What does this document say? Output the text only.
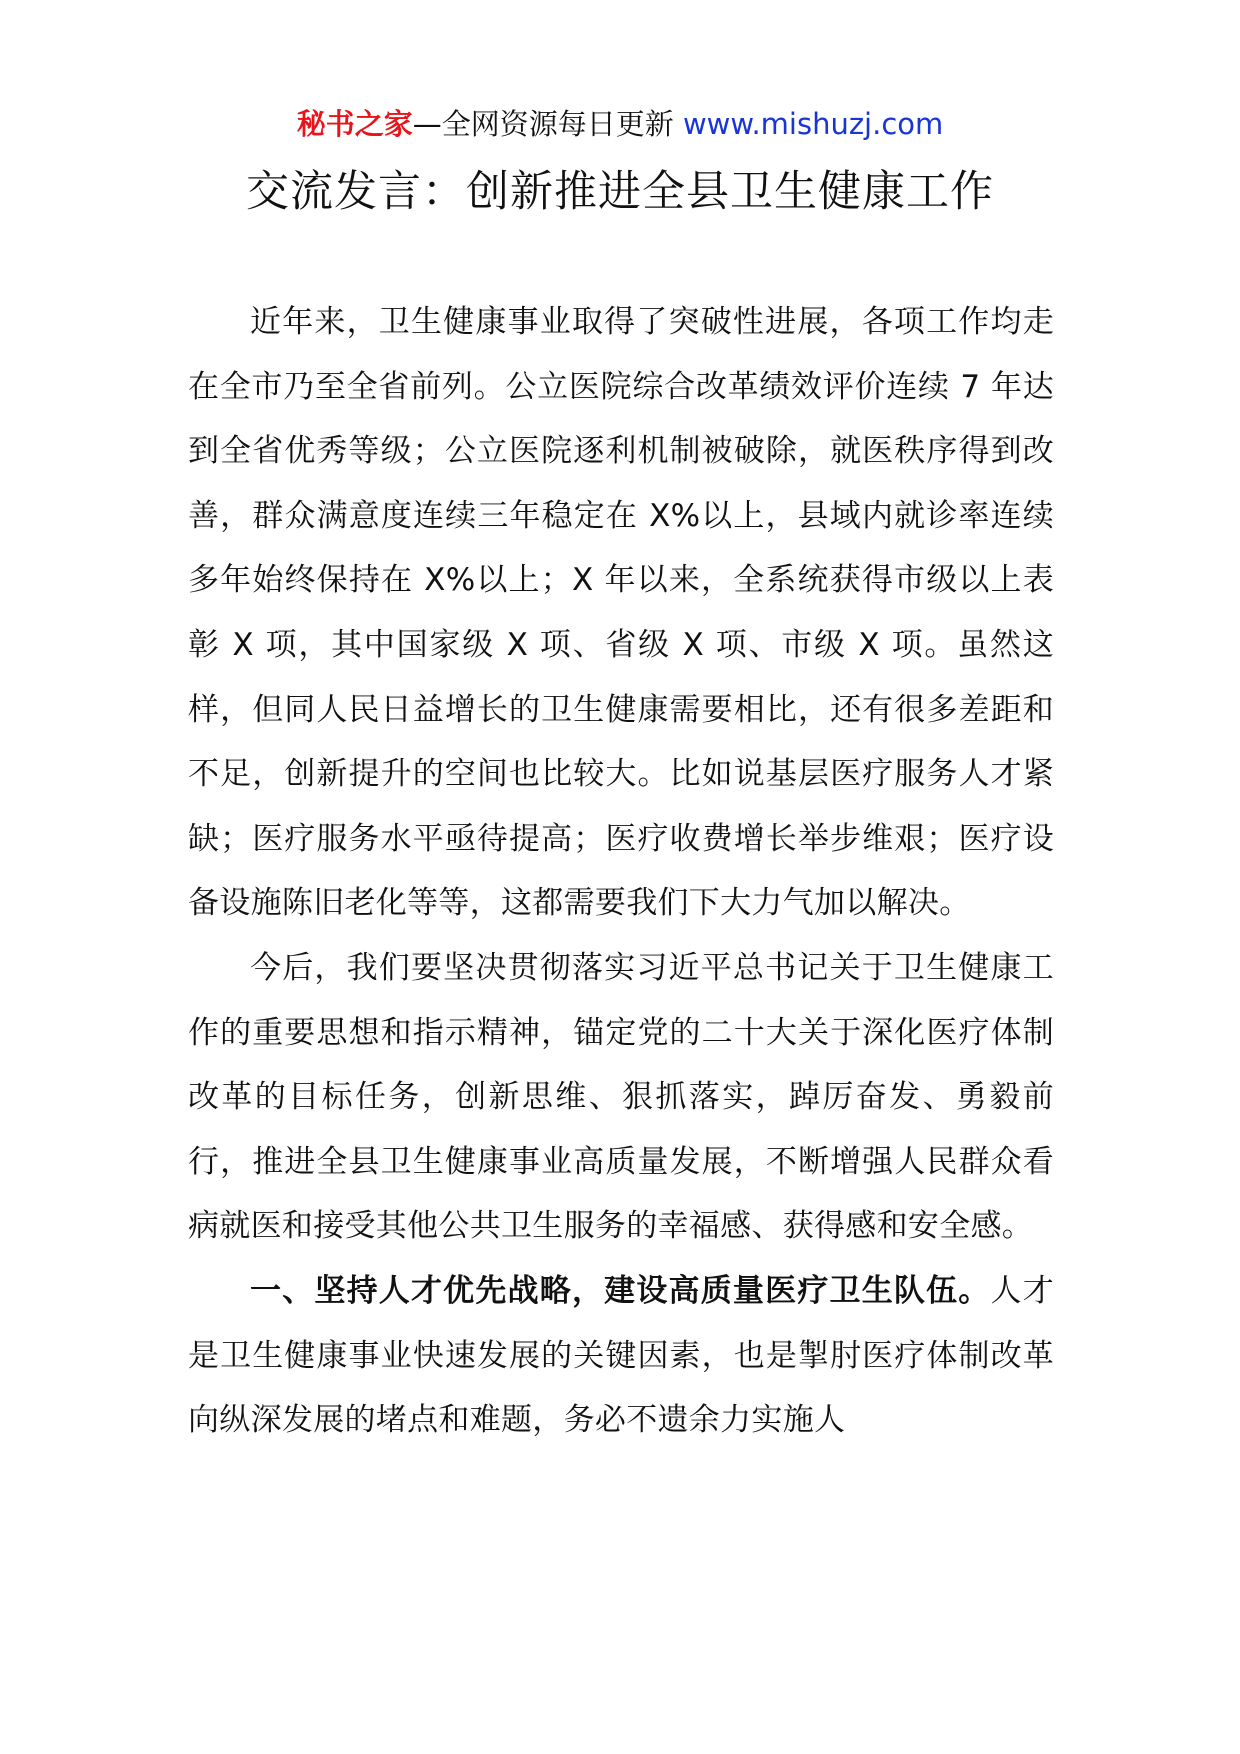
秘书之家—全网资源每日更新 www.mishuzj.com
交流发言：创新推进全县卫生健康工作

近年来，卫生健康事业取得了突破性进展，各项工作均走在全市乃至全省前列。公立医院综合改革绩效评价连续 7 年达到全省优秀等级；公立医院逐利机制被破除，就医秩序得到改善，群众满意度连续三年稳定在 X%以上，县域内就诊率连续多年始终保持在 X%以上；X 年以来，全系统获得市级以上表彰 X 项，其中国家级 X 项、省级 X 项、市级 X 项。虽然这样，但同人民日益增长的卫生健康需要相比，还有很多差距和不足，创新提升的空间也比较大。比如说基层医疗服务人才紧缺；医疗服务水平亟待提高；医疗收费增长举步维艰；医疗设备设施陈旧老化等等，这都需要我们下大力气加以解决。

今后，我们要坚决贯彻落实习近平总书记关于卫生健康工作的重要思想和指示精神，锚定党的二十大关于深化医疗体制改革的目标任务，创新思维、狠抓落实，踔厉奋发、勇毅前行，推进全县卫生健康事业高质量发展，不断增强人民群众看病就医和接受其他公共卫生服务的幸福感、获得感和安全感。

一、坚持人才优先战略，建设高质量医疗卫生队伍。人才是卫生健康事业快速发展的关键因素，也是掣肘医疗体制改革向纵深发展的堵点和难题，务必不遗余力实施人
